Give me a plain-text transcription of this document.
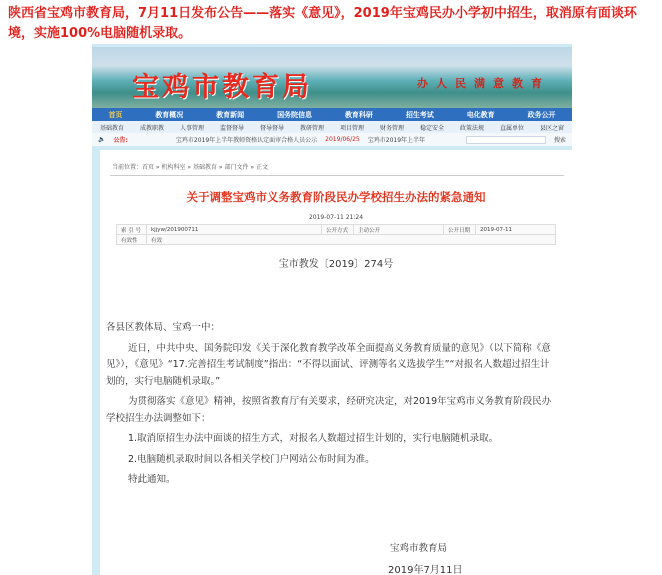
陕西省宝鸡市教育局，7月11日发布公告——落实《意见》，2019年宝鸡民办小学初中招生，取消原有面谈环境，实施100%电脑随机录取。
宝鸡市教育局	办人民满意教育
首页	教育概况	教育新闻	国务院信息	教育科研	招生考试	电化教育	政务公开
基础教育	成教职教	人事管理	监督督导	督导督导	教研管理	项目管理	财务管理	稳定安全	政策法规	直属单位	县区之窗
🔈 公告:	宝鸡市2019年上半年教师资格认定面审合格人员公示 2019/06/25 宝鸡市2019年上半年	搜索
当前位置：首页 » 机构科室 » 基础教育 » 部门文件 » 正文
关于调整宝鸡市义务教育阶段民办学校招生办法的紧急通知
2019-07-11 21:24
索 引 号	kjjyw/201900711	公开方式	主动公开	公开日期	2019-07-11
有效性	有效				
宝市教发〔2019〕274号

各县区教体局、宝鸡一中：

近日，中共中央、国务院印发《关于深化教育教学改革全面提高义务教育质量的意见》（以下简称《意见》），《意见》“17.完善招生考试制度”指出：“不得以面试、评测等名义选拔学生”“对报名人数超过招生计划的，实行电脑随机录取。”

为贯彻落实《意见》精神，按照省教育厅有关要求，经研究决定，对2019年宝鸡市义务教育阶段民办学校招生办法调整如下：

1.取消原招生办法中面谈的招生方式，对报名人数超过招生计划的，实行电脑随机录取。

2.电脑随机录取时间以各相关学校门户网站公布时间为准。

特此通知。

宝鸡市教育局
2019年7月11日
